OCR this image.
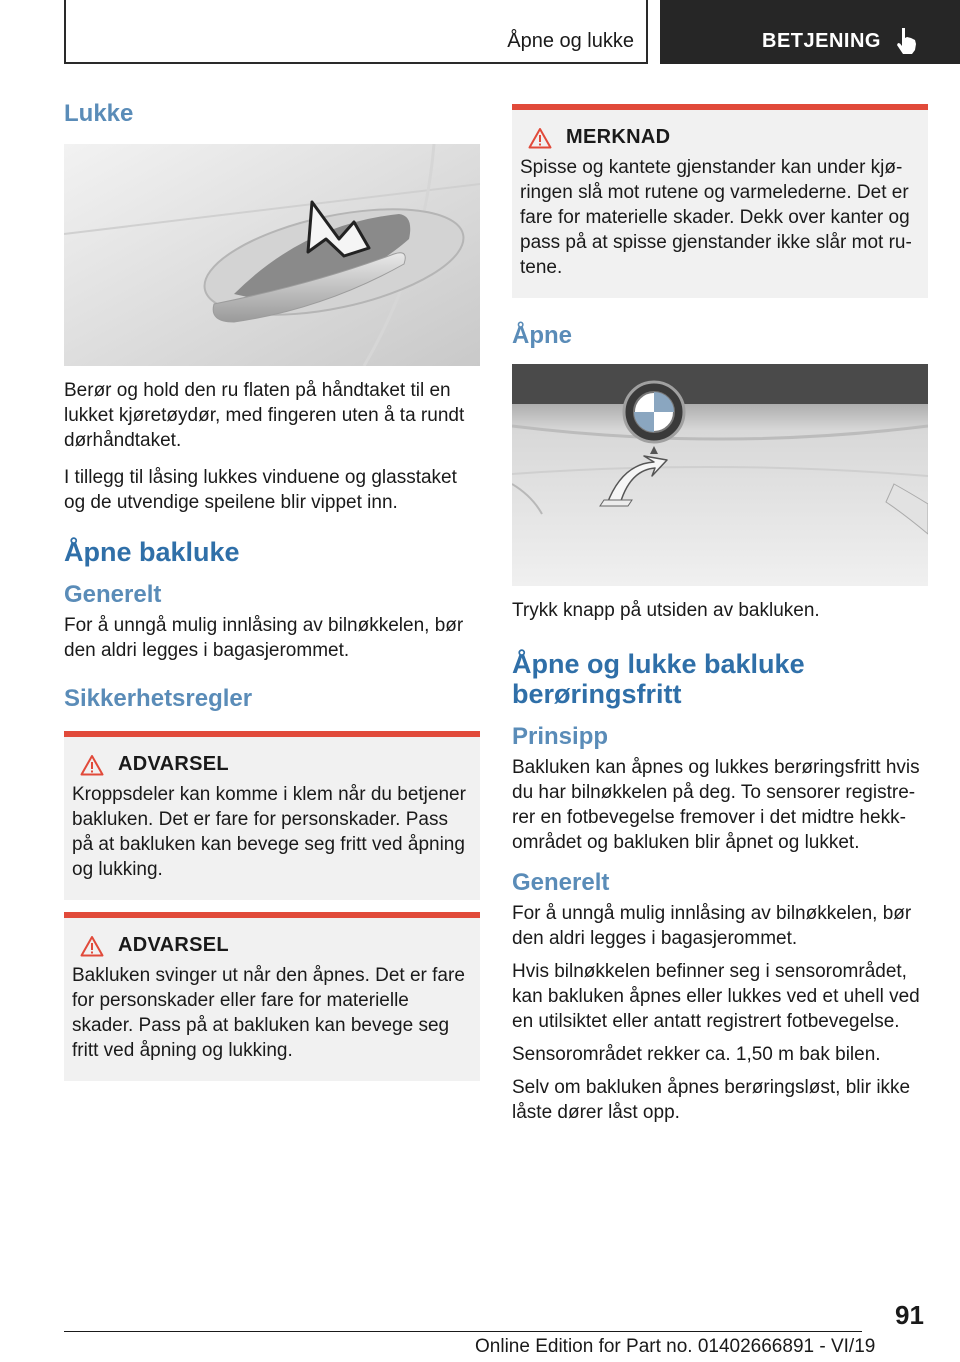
Åpne og lukke	BETJENING
Lukke

Berør og hold den ru flaten på håndtaket til en lukket kjøretøydør, med fingeren uten å ta rundt dørhåndtaket.

I tillegg til låsing lukkes vinduene og glasstaket og de utvendige speilene blir vippet inn.

Åpne bakluke
Generelt

For å unngå mulig innlåsing av bilnøkkelen, bør den aldri legges i bagasjerommet.

Sikkerhetsregler
ADVARSEL

Kroppsdeler kan komme i klem når du betjener bakluken. Det er fare for personskader. Pass på at bakluken kan bevege seg fritt ved åpning og lukking.

ADVARSEL

Bakluken svinger ut når den åpnes. Det er fare for personskader eller fare for materielle skader. Pass på at bakluken kan bevege seg fritt ved åpning og lukking.

MERKNAD

Spisse og kantete gjenstander kan under kjø-ringen slå mot rutene og varmelederne. Det er fare for materielle skader. Dekk over kanter og pass på at spisse gjenstander ikke slår mot ru-tene.

Åpne

Trykk knapp på utsiden av bakluken.

Åpne og lukke bakluke berøringsfritt
Prinsipp

Bakluken kan åpnes og lukkes berøringsfritt hvis du har bilnøkkelen på deg. To sensorer registre-rer en fotbevegelse fremover i det midtre hekk-området og bakluken blir åpnet og lukket.

Generelt

For å unngå mulig innlåsing av bilnøkkelen, bør den aldri legges i bagasjerommet.

Hvis bilnøkkelen befinner seg i sensorområdet, kan bakluken åpnes eller lukkes ved et uhell ved en utilsiktet eller antatt registrert fotbevegelse.

Sensorområdet rekker ca. 1,50 m bak bilen.

Selv om bakluken åpnes berøringsløst, blir ikke låste dører låst opp.

91
Online Edition for Part no. 01402666891 - VI/19
